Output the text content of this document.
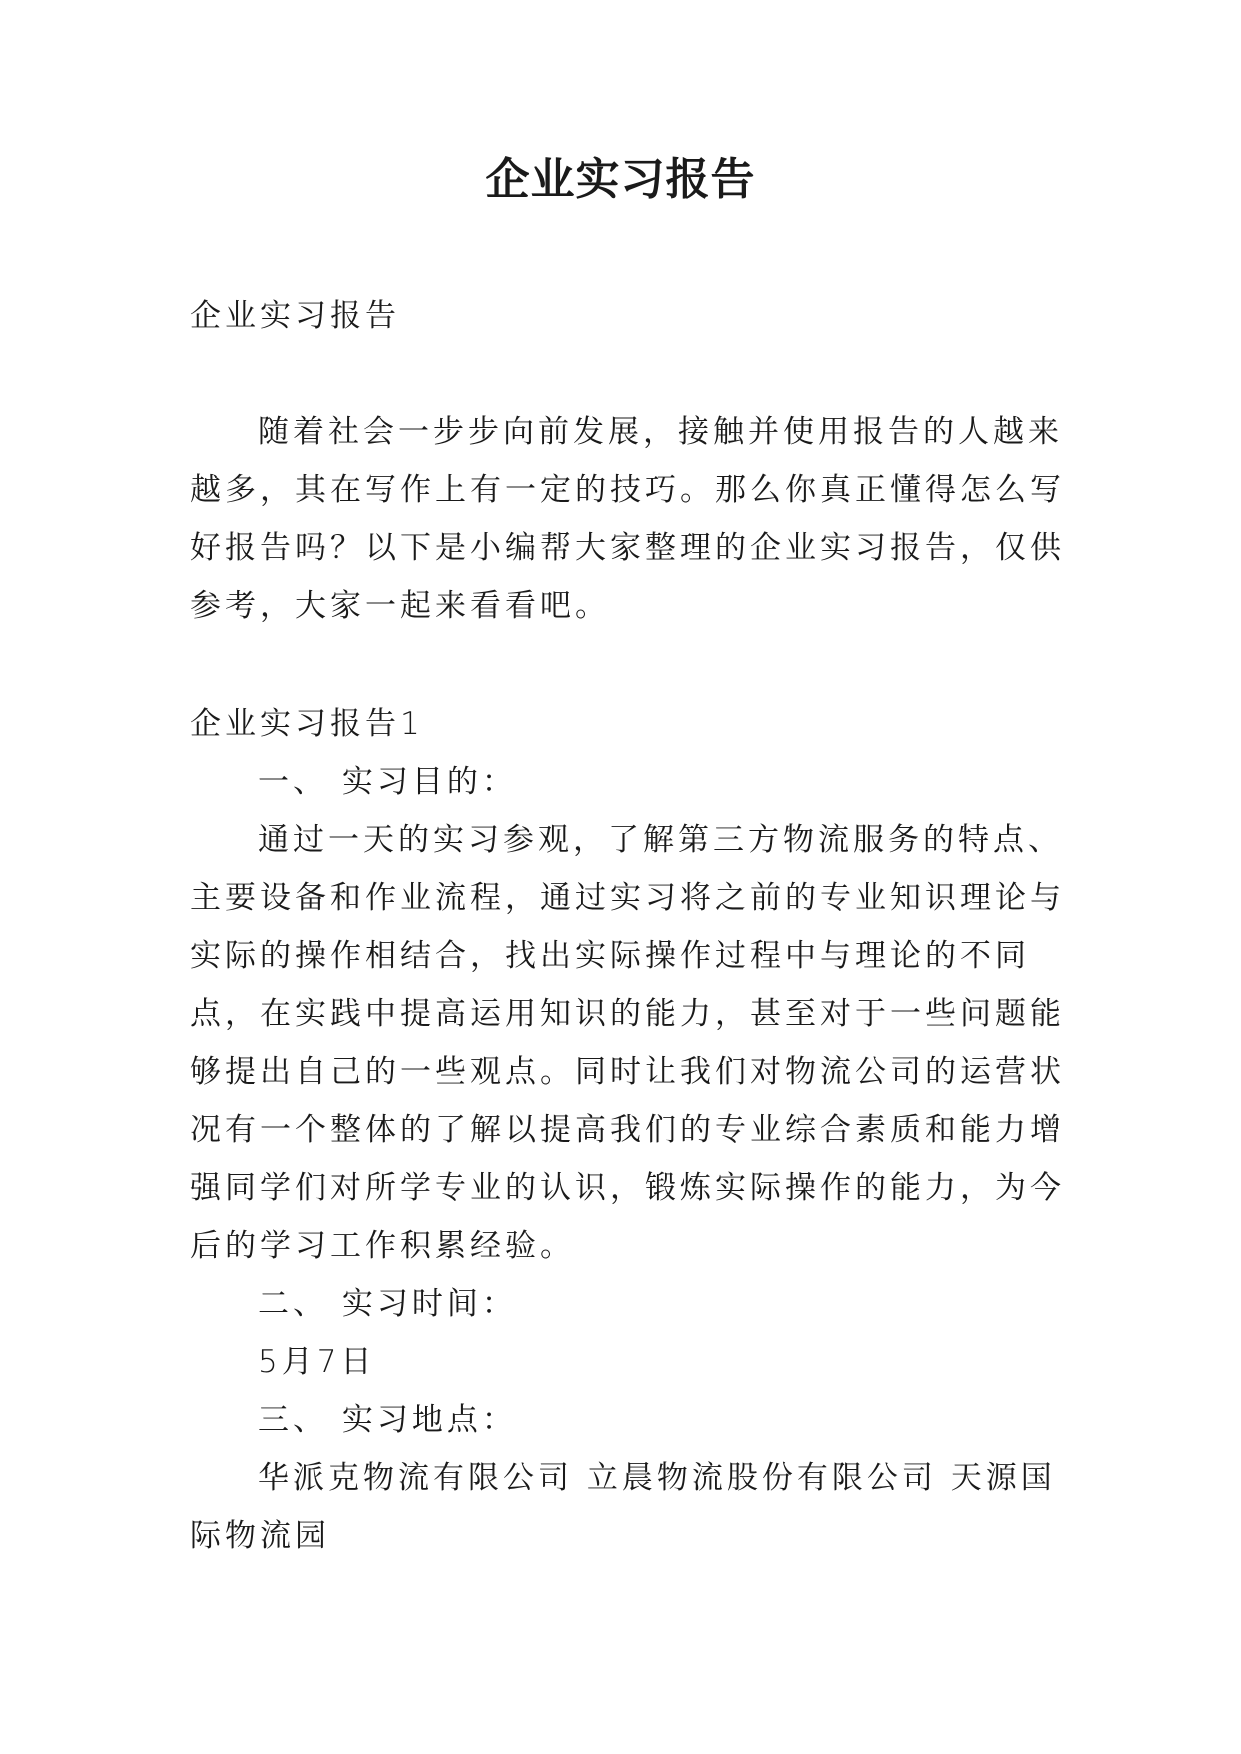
企业实习报告

企业实习报告

随着社会一步步向前发展，接触并使用报告的人越来越多，其在写作上有一定的技巧。那么你真正懂得怎么写好报告吗？以下是小编帮大家整理的企业实习报告，仅供参考，大家一起来看看吧。

企业实习报告1

一、 实习目的：

通过一天的实习参观，了解第三方物流服务的特点、主要设备和作业流程，通过实习将之前的专业知识理论与实际的操作相结合，找出实际操作过程中与理论的不同点，在实践中提高运用知识的能力，甚至对于一些问题能够提出自己的一些观点。同时让我们对物流公司的运营状况有一个整体的了解以提高我们的专业综合素质和能力增强同学们对所学专业的认识，锻炼实际操作的能力，为今后的学习工作积累经验。

二、 实习时间：

5月7日

三、 实习地点：

华派克物流有限公司 立晨物流股份有限公司 天源国际物流园
